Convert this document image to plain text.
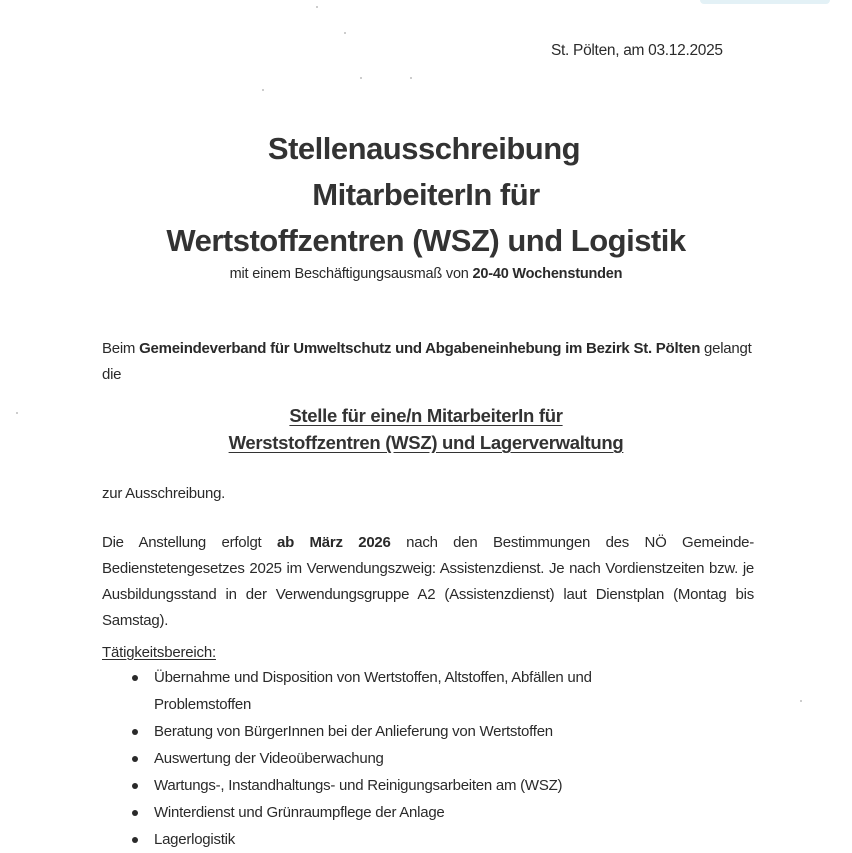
St. Pölten, am 03.12.2025
Stellenausschreibung
MitarbeiterIn für
Wertstoffzentren (WSZ) und Logistik
mit einem Beschäftigungsausmaß von 20-40 Wochenstunden
Beim Gemeindeverband für Umweltschutz und Abgabeneinhebung im Bezirk St. Pölten gelangt die
Stelle für eine/n MitarbeiterIn für
Werststoffzentren (WSZ) und Lagerverwaltung
zur Ausschreibung.
Die Anstellung erfolgt ab März 2026 nach den Bestimmungen des NÖ Gemeinde-Bedienstetengesetzes 2025 im Verwendungszweig: Assistenzdienst. Je nach Vordienstzeiten bzw. je Ausbildungsstand in der Verwendungsgruppe A2 (Assistenzdienst) laut Dienstplan (Montag bis Samstag).
Tätigkeitsbereich:
Übernahme und Disposition von Wertstoffen, Altstoffen, Abfällen und Problemstoffen
Beratung von BürgerInnen bei der Anlieferung von Wertstoffen
Auswertung der Videoüberwachung
Wartungs-, Instandhaltungs- und Reinigungsarbeiten am (WSZ)
Winterdienst und Grünraumpflege der Anlage
Lagerlogistik
